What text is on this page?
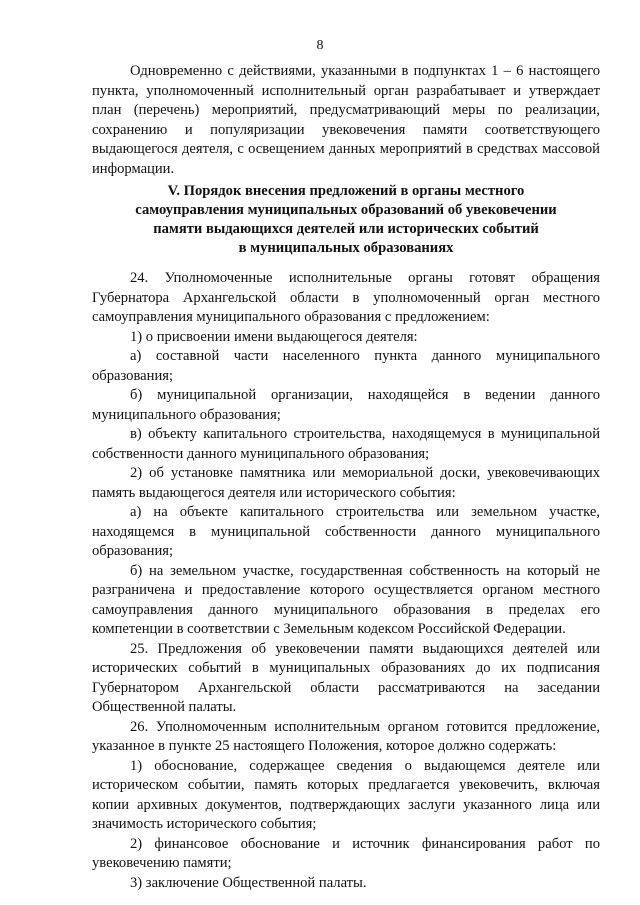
8

Одновременно с действиями, указанными в подпунктах 1 – 6 настоящего пункта, уполномоченный исполнительный орган разрабатывает и утверждает план (перечень) мероприятий, предусматривающий меры по реализации, сохранению и популяризации увековечения памяти соответствующего выдающегося деятеля, с освещением данных мероприятий в средствах массовой информации.

V. Порядок внесения предложений в органы местного
самоуправления муниципальных образований об увековечении
памяти выдающихся деятелей или исторических событий
в муниципальных образованиях

24. Уполномоченные исполнительные органы готовят обращения Губернатора Архангельской области в уполномоченный орган местного самоуправления муниципального образования с предложением:

1) о присвоении имени выдающегося деятеля:

а) составной части населенного пункта данного муниципального образования;

б) муниципальной организации, находящейся в ведении данного муниципального образования;

в) объекту капитального строительства, находящемуся в муниципальной собственности данного муниципального образования;

2) об установке памятника или мемориальной доски, увековечивающих память выдающегося деятеля или исторического события:

а) на объекте капитального строительства или земельном участке, находящемся в муниципальной собственности данного муниципального образования;

б) на земельном участке, государственная собственность на который не разграничена и предоставление которого осуществляется органом местного самоуправления данного муниципального образования в пределах его компетенции в соответствии с Земельным кодексом Российской Федерации.

25. Предложения об увековечении памяти выдающихся деятелей или исторических событий в муниципальных образованиях до их подписания Губернатором Архангельской области рассматриваются на заседании Общественной палаты.

26. Уполномоченным исполнительным органом готовится предложение, указанное в пункте 25 настоящего Положения, которое должно содержать:

1) обоснование, содержащее сведения о выдающемся деятеле или историческом событии, память которых предлагается увековечить, включая копии архивных документов, подтверждающих заслуги указанного лица или значимость исторического события;

2) финансовое обоснование и источник финансирования работ по увековечению памяти;

3) заключение Общественной палаты.
